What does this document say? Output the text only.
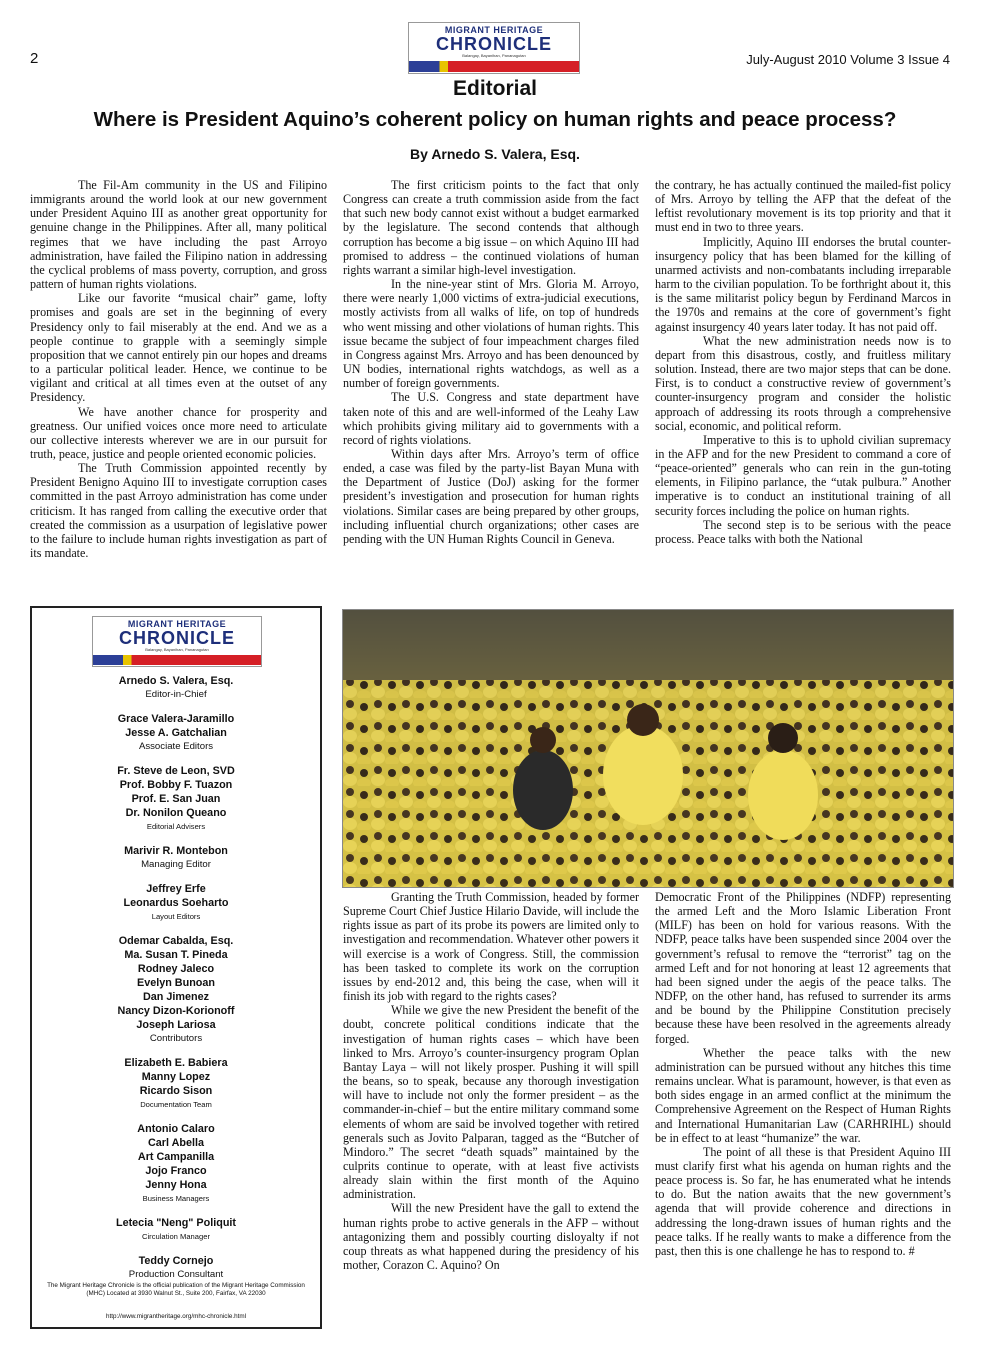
2
MIGRANT HERITAGE
CHRONICLE
Balangay, Bayanihan, Pananagutan	July-August 2010 Volume 3 Issue 4
Editorial
Where is President Aquino’s coherent policy on human rights and peace process?
By Arnedo S. Valera, Esq.

The Fil-Am community in the US and Filipino immigrants around the world look at our new government under President Aquino III as another great opportunity for genuine change in the Philippines. After all, many political regimes that we have including the past Arroyo administration, have failed the Filipino nation in addressing the cyclical problems of mass poverty, corruption, and gross pattern of human rights violations.

Like our favorite “musical chair” game, lofty promises and goals are set in the beginning of every Presidency only to fail miserably at the end. And we as a people continue to grapple with a seemingly simple proposition that we cannot entirely pin our hopes and dreams to a particular political leader. Hence, we continue to be vigilant and critical at all times even at the outset of any Presidency.

We have another chance for prosperity and greatness. Our unified voices once more need to articulate our collective interests wherever we are in our pursuit for truth, peace, justice and people oriented economic policies.

The Truth Commission appointed recently by President Benigno Aquino III to investigate corruption cases committed in the past Arroyo administration has come under criticism. It has ranged from calling the executive order that created the commission as a usurpation of legislative power to the failure to include human rights investigation as part of its mandate.

The first criticism points to the fact that only Congress can create a truth commission aside from the fact that such new body cannot exist without a budget earmarked by the legislature. The second contends that although corruption has become a big issue – on which Aquino III had promised to address – the continued violations of human rights warrant a similar high-level investigation.

In the nine-year stint of Mrs. Gloria M. Arroyo, there were nearly 1,000 victims of extra-judicial executions, mostly activists from all walks of life, on top of hundreds who went missing and other violations of human rights. This issue became the subject of four impeachment charges filed in Congress against Mrs. Arroyo and has been denounced by UN bodies, international rights watchdogs, as well as a number of foreign governments.

The U.S. Congress and state department have taken note of this and are well-informed of the Leahy Law which prohibits giving military aid to governments with a record of rights violations.

Within days after Mrs. Arroyo’s term of office ended, a case was filed by the party-list Bayan Muna with the Department of Justice (DoJ) asking for the former president’s investigation and prosecution for human rights violations. Similar cases are being prepared by other groups, including influential church organizations; other cases are pending with the UN Human Rights Council in Geneva.

the contrary, he has actually continued the mailed-fist policy of Mrs. Arroyo by telling the AFP that the defeat of the leftist revolutionary movement is its top priority and that it must end in two to three years.

Implicitly, Aquino III endorses the brutal counter-insurgency policy that has been blamed for the killing of unarmed activists and non-combatants including irreparable harm to the civilian population. To be forthright about it, this is the same militarist policy begun by Ferdinand Marcos in the 1970s and remains at the core of government’s fight against insurgency 40 years later today. It has not paid off.

What the new administration needs now is to depart from this disastrous, costly, and fruitless military solution. Instead, there are two major steps that can be done. First, is to conduct a constructive review of government’s counter-insurgency program and consider the holistic approach of addressing its roots through a comprehensive social, economic, and political reform.

Imperative to this is to uphold civilian supremacy in the AFP and for the new President to command a core of “peace-oriented” generals who can rein in the gun-toting elements, in Filipino parlance, the “utak pulbura.” Another imperative is to conduct an institutional training of all security forces including the police on human rights.

The second step is to be serious with the peace process. Peace talks with both the National

Granting the Truth Commission, headed by former Supreme Court Chief Justice Hilario Davide, will include the rights issue as part of its probe its powers are limited only to investigation and recommendation. Whatever other powers it will exercise is a work of Congress. Still, the commission has been tasked to complete its work on the corruption issues by end-2012 and, this being the case, when will it finish its job with regard to the rights cases?

While we give the new President the benefit of the doubt, concrete political conditions indicate that the investigation of human rights cases – which have been linked to Mrs. Arroyo’s counter-insurgency program Oplan Bantay Laya – will not likely prosper. Pushing it will spill the beans, so to speak, because any thorough investigation will have to include not only the former president – as the commander-in-chief – but the entire military command some elements of whom are said be involved together with retired generals such as Jovito Palparan, tagged as the “Butcher of Mindoro.” The secret “death squads” maintained by the culprits continue to operate, with at least five activists already slain within the first month of the Aquino administration.

Will the new President have the gall to extend the human rights probe to active generals in the AFP – without antagonizing them and possibly courting disloyalty if not coup threats as what happened during the presidency of his mother, Corazon C. Aquino? On

Democratic Front of the Philippines (NDFP) representing the armed Left and the Moro Islamic Liberation Front (MILF) has been on hold for various reasons. With the NDFP, peace talks have been suspended since 2004 over the government’s refusal to remove the “terrorist” tag on the armed Left and for not honoring at least 12 agreements that had been signed under the aegis of the peace talks. The NDFP, on the other hand, has refused to surrender its arms and be bound by the Philippine Constitution precisely because these have been resolved in the agreements already forged.

Whether the peace talks with the new administration can be pursued without any hitches this time remains unclear. What is paramount, however, is that even as both sides engage in an armed conflict at the minimum the Comprehensive Agreement on the Respect of Human Rights and International Humanitarian Law (CARHRIHL) should be in effect to at least “humanize” the war.

The point of all these is that President Aquino III must clarify first what his agenda on human rights and the peace process is. So far, he has enumerated what he intends to do. But the nation awaits that the new government’s agenda that will provide coherence and directions in addressing the long-drawn issues of human rights and the peace talks. If he really wants to make a difference from the past, then this is one challenge he has to respond to. #

MIGRANT HERITAGE
CHRONICLE
Balangay, Bayanihan, Pananagutan
Arnedo S. Valera, Esq.
Editor-in-Chief
Grace Valera-Jaramillo
Jesse A. Gatchalian
Associate Editors
Fr. Steve de Leon, SVD
Prof. Bobby F. Tuazon
Prof. E. San Juan
Dr. Nonilon Queano
Editorial Advisers
Marivir R. Montebon
Managing Editor
Jeffrey Erfe
Leonardus Soeharto
Layout Editors
Odemar Cabalda, Esq.
Ma. Susan T. Pineda
Rodney Jaleco
Evelyn Bunoan
Dan Jimenez
Nancy Dizon-Korionoff
Joseph Lariosa
Contributors
Elizabeth E. Babiera
Manny Lopez
Ricardo Sison
Documentation Team
Antonio Calaro
Carl Abella
Art Campanilla
Jojo Franco
Jenny Hona
Business Managers
Letecia "Neng" Poliquit
Circulation Manager
Teddy Cornejo
Production Consultant
The Migrant Heritage Chronicle is the official publication of the Migrant Heritage Commission (MHC) Located at 3930 Walnut St., Suite 200, Fairfax, VA 22030
http://www.migrantheritage.org/mhc-chronicle.html
